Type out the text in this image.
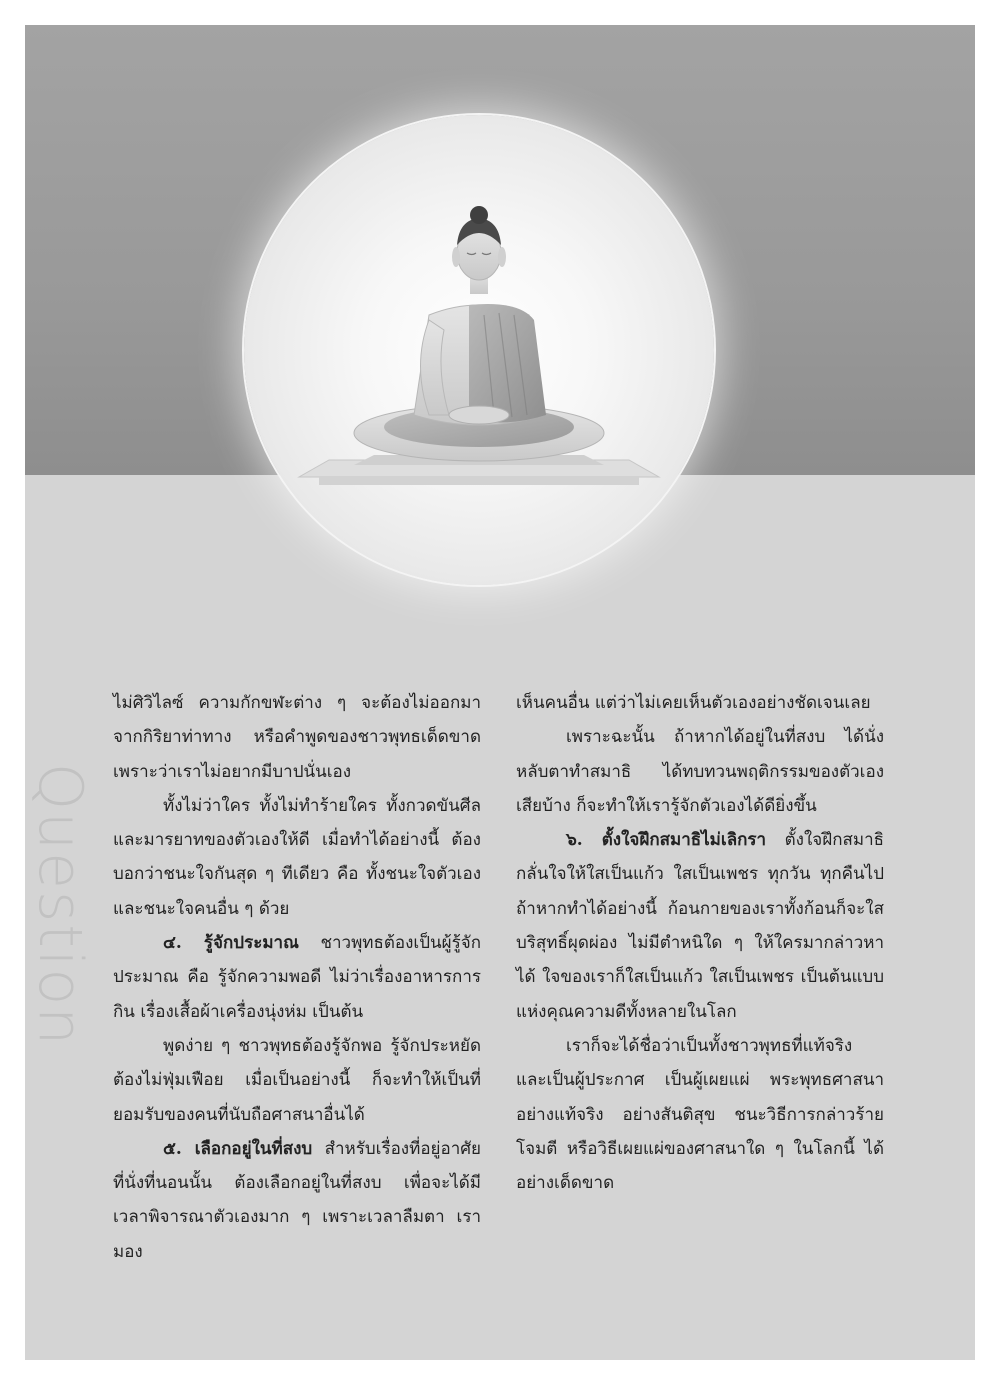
Question

ไม่ศิวิไลซ์ ความกักขฬะต่าง ๆ จะต้องไม่ออกมาจากกิริยาท่าทาง หรือคำพูดของชาวพุทธเด็ดขาด เพราะว่าเราไม่อยากมีบาปนั่นเอง

ทั้งไม่ว่าใคร ทั้งไม่ทำร้ายใคร ทั้งกวดขันศีลและมารยาทของตัวเองให้ดี เมื่อทำได้อย่างนี้ ต้องบอกว่าชนะใจกันสุด ๆ ทีเดียว คือ ทั้งชนะใจตัวเอง และชนะใจคนอื่น ๆ ด้วย

๔. รู้จักประมาณ ชาวพุทธต้องเป็นผู้รู้จักประมาณ คือ รู้จักความพอดี ไม่ว่าเรื่องอาหารการกิน เรื่องเสื้อผ้าเครื่องนุ่งห่ม เป็นต้น

พูดง่าย ๆ ชาวพุทธต้องรู้จักพอ รู้จักประหยัด ต้องไม่ฟุ่มเฟือย เมื่อเป็นอย่างนี้ ก็จะทำให้เป็นที่ยอมรับของคนที่นับถือศาสนาอื่นได้

๕. เลือกอยู่ในที่สงบ สำหรับเรื่องที่อยู่อาศัย ที่นั่งที่นอนนั้น ต้องเลือกอยู่ในที่สงบ เพื่อจะได้มีเวลาพิจารณาตัวเองมาก ๆ เพราะเวลาลืมตา เรามอง

เห็นคนอื่น แต่ว่าไม่เคยเห็นตัวเองอย่างชัดเจนเลย

เพราะฉะนั้น ถ้าหากได้อยู่ในที่สงบ ได้นั่งหลับตาทำสมาธิ ได้ทบทวนพฤติกรรมของตัวเองเสียบ้าง ก็จะทำให้เรารู้จักตัวเองได้ดียิ่งขึ้น

๖. ตั้งใจฝึกสมาธิไม่เลิกรา ตั้งใจฝึกสมาธิกลั่นใจให้ใสเป็นแก้ว ใสเป็นเพชร ทุกวัน ทุกคืนไป ถ้าหากทำได้อย่างนี้ ก้อนกายของเราทั้งก้อนก็จะใสบริสุทธิ์ผุดผ่อง ไม่มีตำหนิใด ๆ ให้ใครมากล่าวหาได้ ใจของเราก็ใสเป็นแก้ว ใสเป็นเพชร เป็นต้นแบบแห่งคุณความดีทั้งหลายในโลก

เราก็จะได้ชื่อว่าเป็นทั้งชาวพุทธที่แท้จริง และเป็นผู้ประกาศ เป็นผู้เผยแผ่ พระพุทธศาสนาอย่างแท้จริง อย่างสันติสุข ชนะวิธีการกล่าวร้ายโจมตี หรือวิธีเผยแผ่ของศาสนาใด ๆ ในโลกนี้ ได้อย่างเด็ดขาด
